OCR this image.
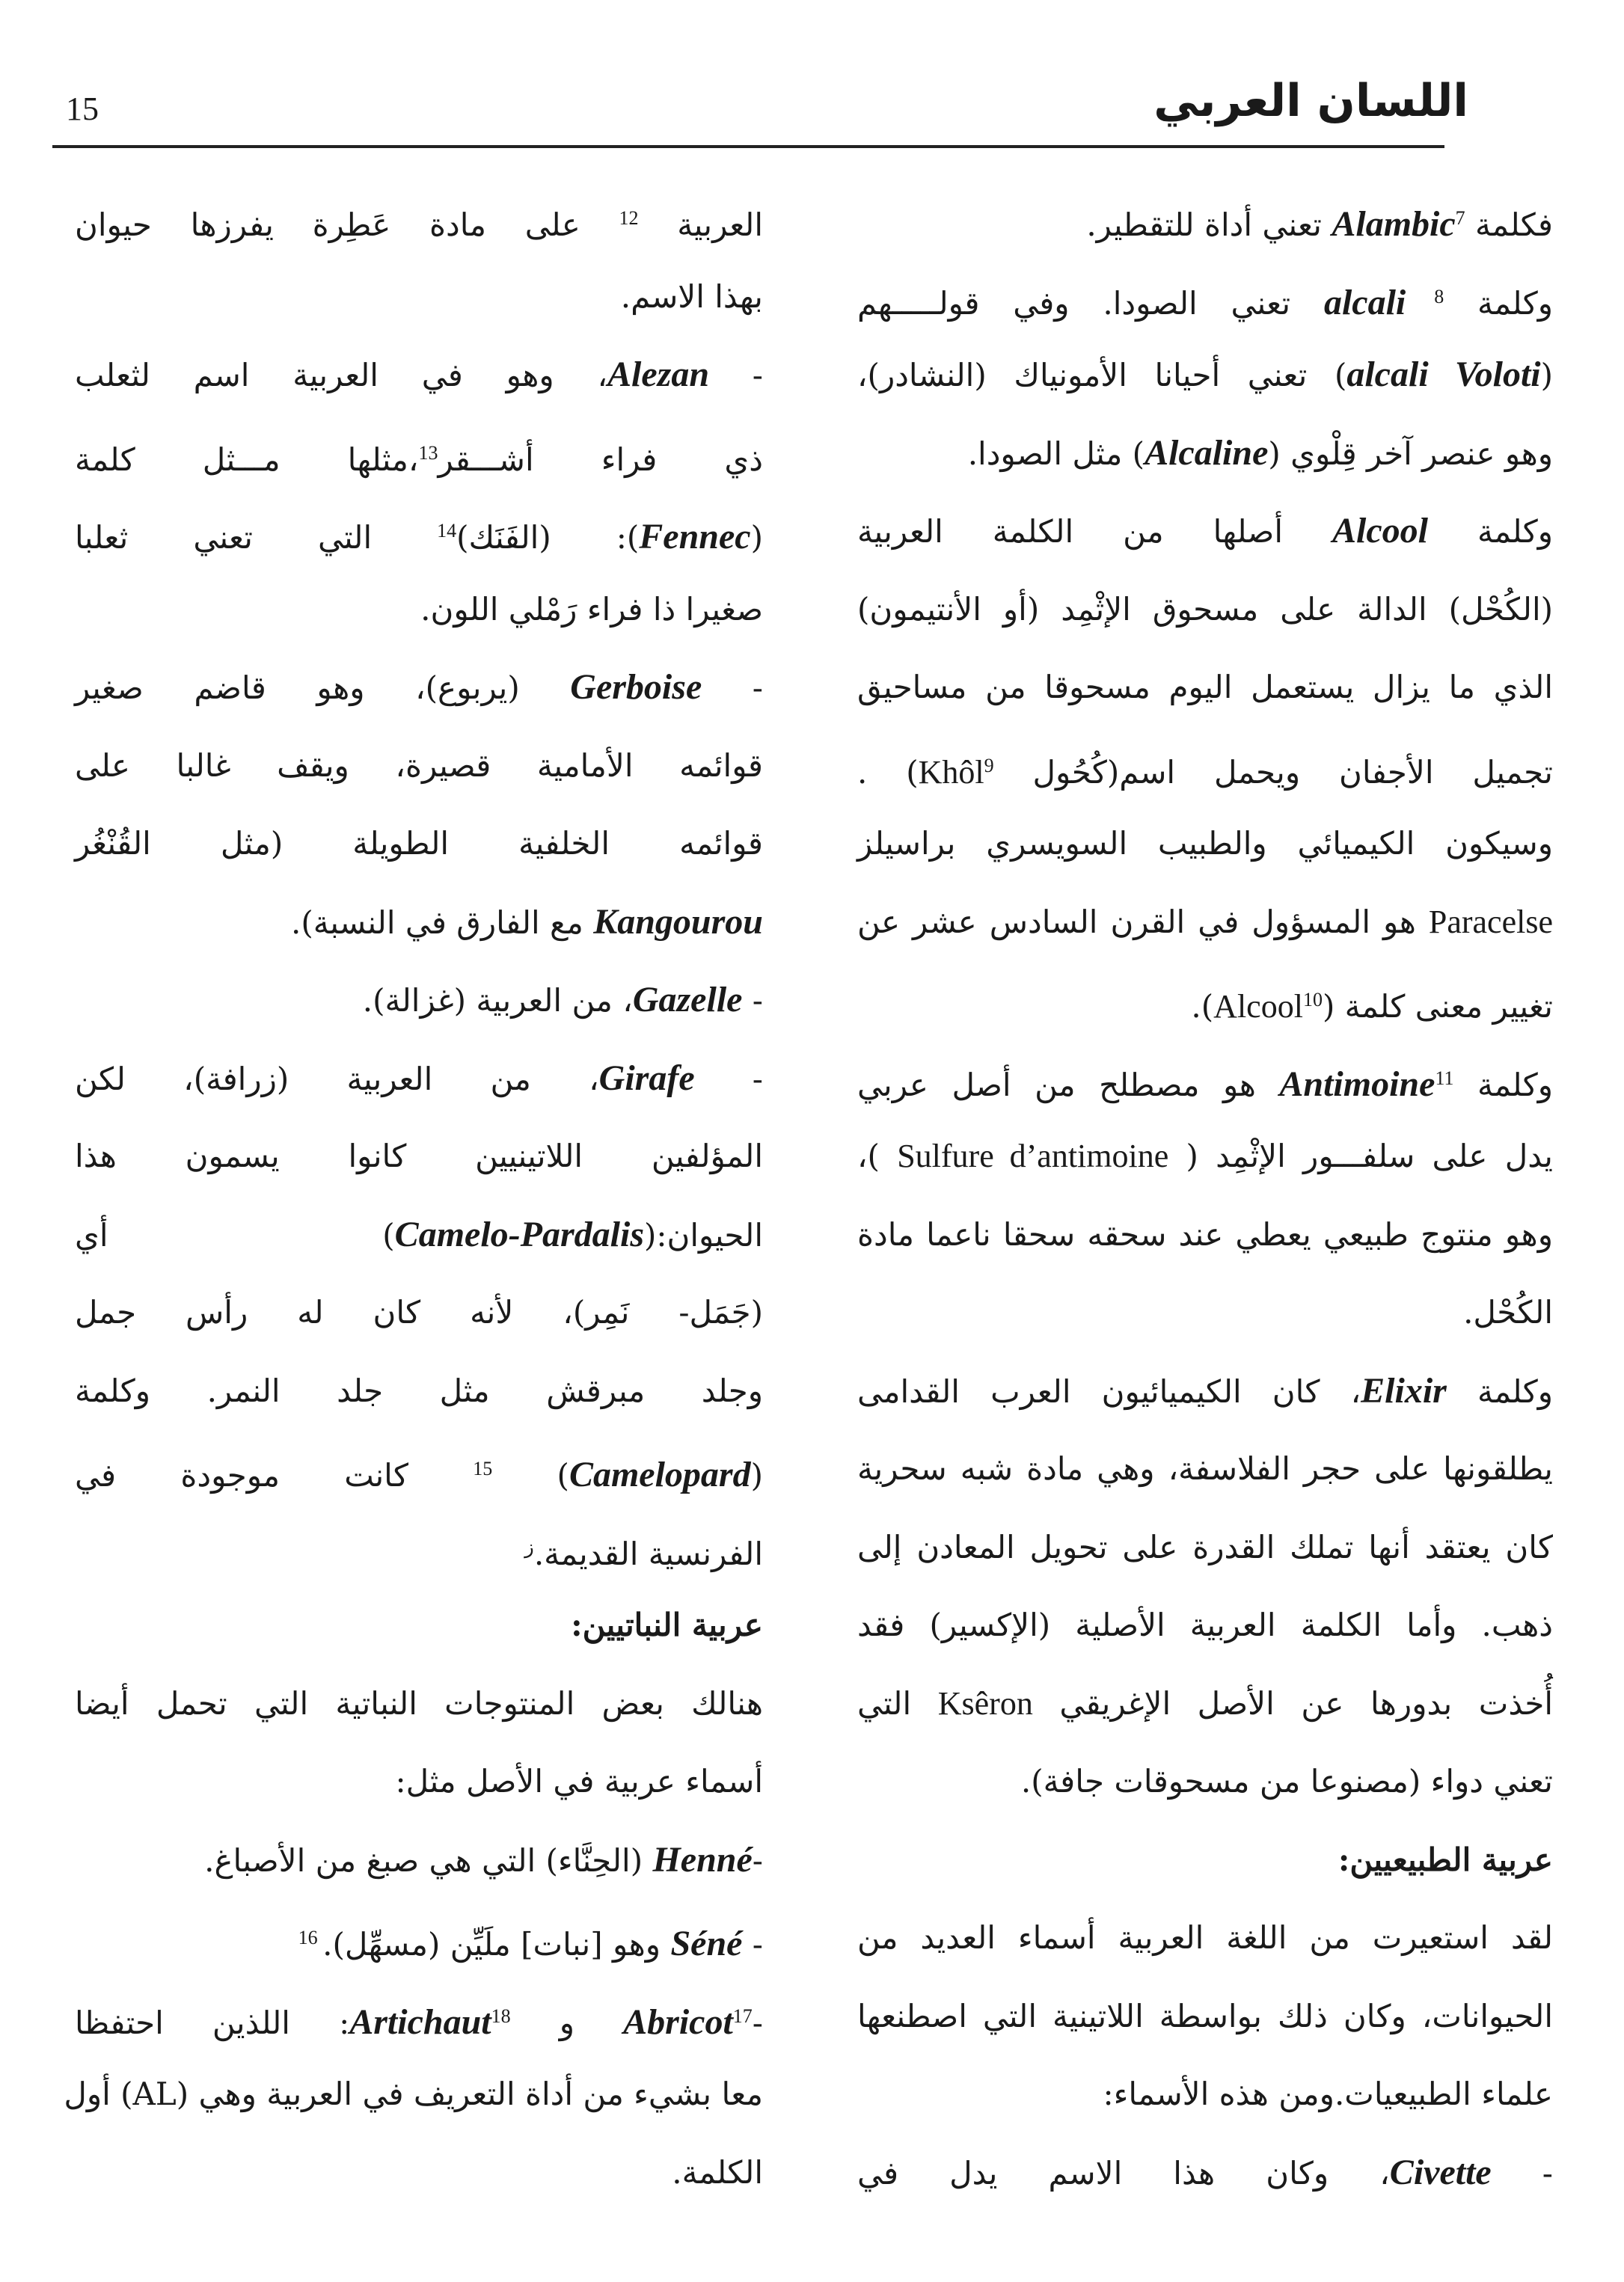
15	اللسان العربي
فكلمة Alambic$^7$ تعني أداة للتقطير.
وكلمة alcali $^8$ تعني الصودا. وفي قولـــــهم
(alcali Voloti) تعني أحيانا الأمونياك (النشادر)،
وهو عنصر آخر قِلْوي (Alcaline) مثل الصودا.
وكلمة Alcool أصلها من الكلمة العربية
(الكُحْل) الدالة على مسحوق الإثْمِد (أو الأنتيمون)
الذي ما يزال يستعمل اليوم مسحوقا من مساحيق
تجميل الأجفان ويحمل اسم(كُحُول Khôl$^9$) .
وسيكون الكيميائي والطبيب السويسري براسيلز
Paracelse هو المسؤول في القرن السادس عشر عن
تغيير معنى كلمة (Alcool$^{10}$).
وكلمة Antimoine$^{11}$ هو مصطلح من أصل عربي
يدل على سلفـــور الإثْمِد ( Sulfure d’antimoine )،
وهو منتوج طبيعي يعطي عند سحقه سحقا ناعما مادة
الكُحْل.
وكلمة Elixir، كان الكيميائيون العرب القدامى
يطلقونها على حجر الفلاسفة، وهي مادة شبه سحرية
كان يعتقد أنها تملك القدرة على تحويل المعادن إلى
ذهب. وأما الكلمة العربية الأصلية (الإكسير) فقد
أُخذت بدورها عن الأصل الإغريقي Ksêron التي
تعني دواء (مصنوعا من مسحوقات جافة).
عربية الطبيعيين:
لقد استعيرت من اللغة العربية أسماء العديد من
الحيوانات، وكان ذلك بواسطة اللاتينية التي اصطنعها
علماء الطبيعيات.ومن هذه الأسماء:
- Civette، وكان هذا الاسم يدل في
العربية $^{12}$ على مادة عَطِرة يفرزها حيوان
بهذا الاسم.
- Alezan، وهو في العربية اسم لثعلب
ذي فراء أشـــقر$^{13}$،مثلها مـــثل كلمة
(Fennec): (الفَنَك)$^{14}$ التي تعني ثعلبا
صغيرا ذا فراء رَمْلي اللون.
- Gerboise (يربوع)، وهو قاضم صغير
قوائمه الأمامية قصيرة، ويقف غالبا على
قوائمه الخلفية الطويلة (مثل القُنْغُر
Kangourou مع الفارق في النسبة).
- Gazelle، من العربية (غزالة).
- Girafe، من العربية (زرافة)، لكن
المؤلفين اللاتينيين كانوا يسمون هذا
الحيوان:(Camelo-Pardalis) أي
(جَمَل- نَمِر)، لأنه كان له رأس جمل
وجلد مبرقش مثل جلد النمر. وكلمة
(Camelopard) $^{15}$ كانت موجودة في
الفرنسية القديمة.$^ز$
عربية النباتيين:
هنالك بعض المنتوجات النباتية التي تحمل أيضا
أسماء عربية في الأصل مثل:
-Henné (الحِنَّاء) التي هي صبغ من الأصباغ.
- Séné وهو [نبات] ملَيِّن (مسهِّل). $^{16}$
-Abricot$^{17}$ و Artichaut$^{18}$: اللذين احتفظا
معا بشيء من أداة التعريف في العربية وهي (AL) أول
الكلمة.
